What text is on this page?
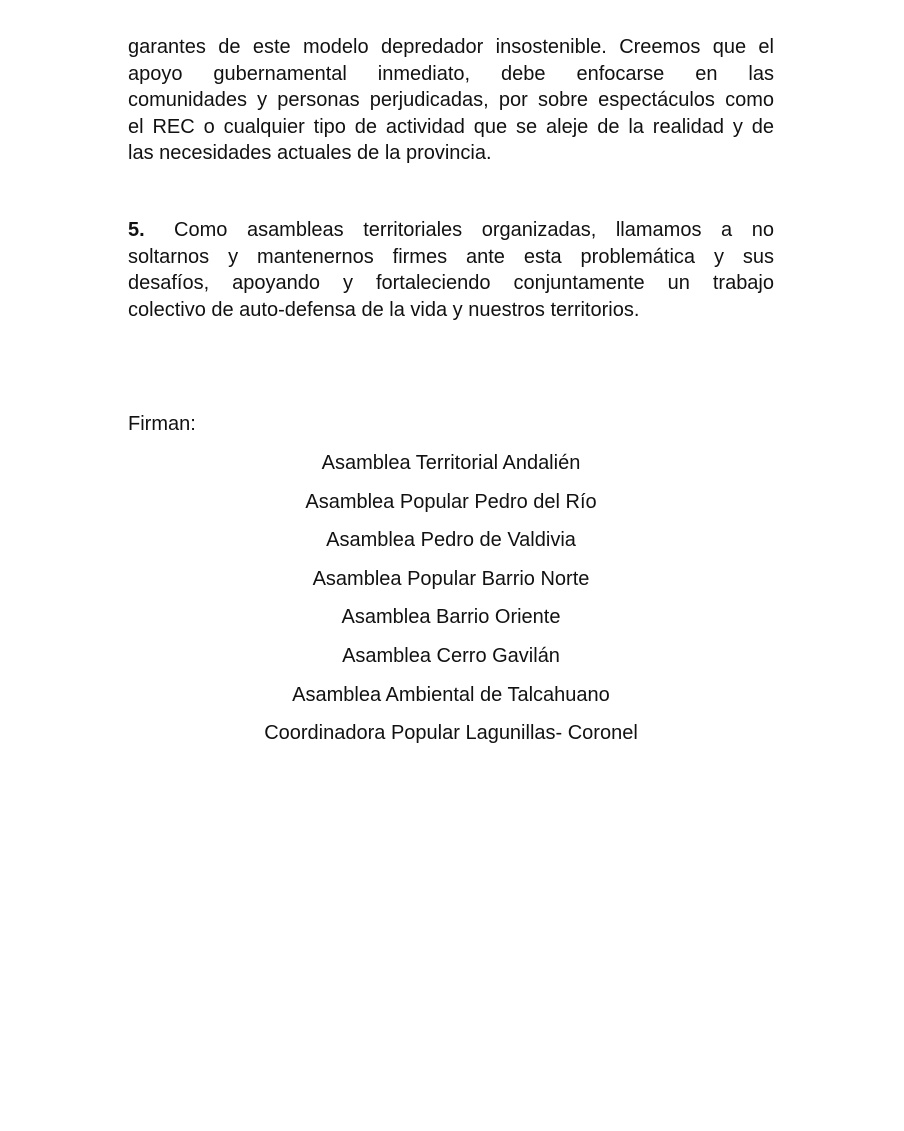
garantes de este modelo depredador insostenible. Creemos que el
apoyo gubernamental inmediato, debe enfocarse en las
comunidades y personas perjudicadas, por sobre espectáculos como
el REC o cualquier tipo de actividad que se aleje de la realidad y de
las necesidades actuales de la provincia.

5. Como asambleas territoriales organizadas, llamamos a no
soltarnos y mantenernos firmes ante esta problemática y sus
desafíos, apoyando y fortaleciendo conjuntamente un trabajo
colectivo de auto-defensa de la vida y nuestros territorios.

Firman:

Asamblea Territorial Andalién
Asamblea Popular Pedro del Río
Asamblea Pedro de Valdivia
Asamblea Popular Barrio Norte
Asamblea Barrio Oriente
Asamblea Cerro Gavilán
Asamblea Ambiental de Talcahuano
Coordinadora Popular Lagunillas- Coronel
